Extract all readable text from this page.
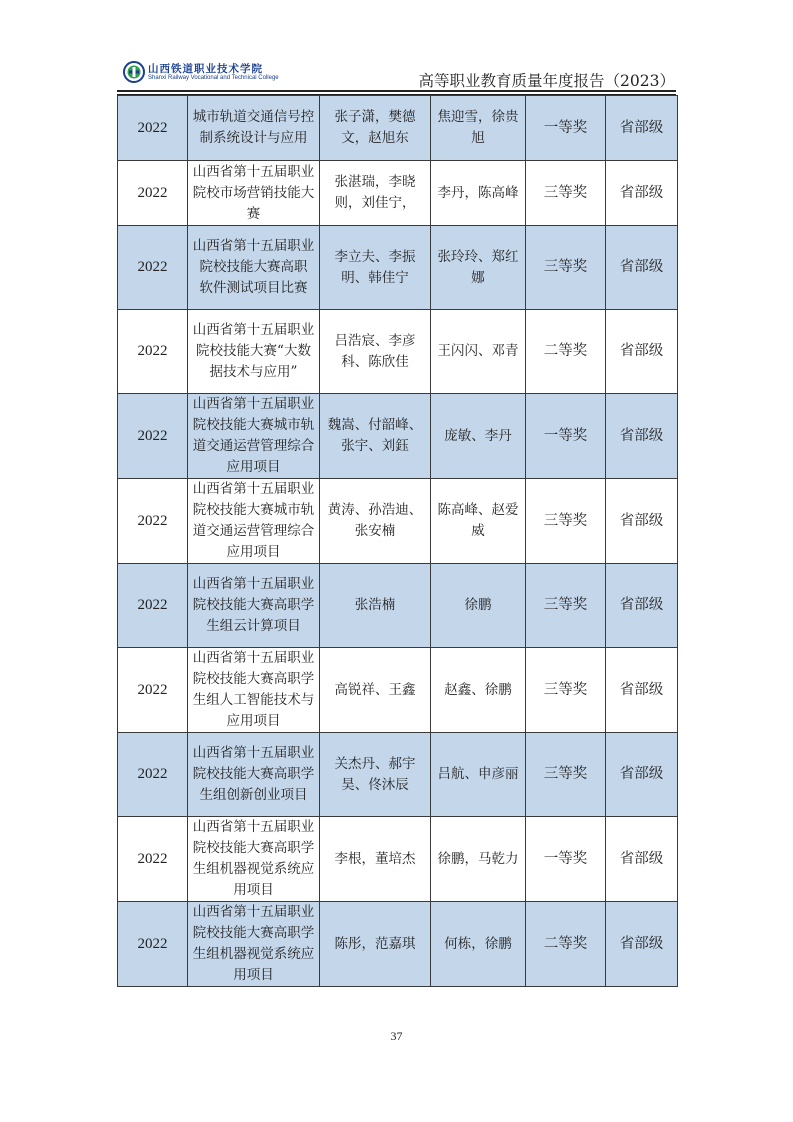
山西铁道职业技术学院
Shanxi Railway Vocational and Technical College	高等职业教育质量年度报告（2023）
2022	城市轨道交通信号控制系统设计与应用	张子潇，樊德文，赵旭东	焦迎雪，徐贵旭	一等奖	省部级
2022	山西省第十五届职业院校市场营销技能大赛	张湛瑞，李晓则，刘佳宁，	李丹，陈高峰	三等奖	省部级
2022	山西省第十五届职业院校技能大赛高职 软件测试项目比赛	李立夫、李振明、韩佳宁	张玲玲、郑红娜	三等奖	省部级
2022	山西省第十五届职业院校技能大赛“大数据技术与应用”	吕浩宸、李彦科、陈欣佳	王闪闪、邓青	二等奖	省部级
2022	山西省第十五届职业院校技能大赛城市轨道交通运营管理综合应用项目	魏嵩、付韶峰、张宇、刘鈺	庞敏、李丹	一等奖	省部级
2022	山西省第十五届职业院校技能大赛城市轨道交通运营管理综合应用项目	黄涛、孙浩迪、张安楠	陈高峰、赵爱威	三等奖	省部级
2022	山西省第十五届职业院校技能大赛高职学生组云计算项目	张浩楠	徐鹏	三等奖	省部级
2022	山西省第十五届职业院校技能大赛高职学生组人工智能技术与应用项目	高锐祥、王鑫	赵鑫、徐鹏	三等奖	省部级
2022	山西省第十五届职业院校技能大赛高职学生组创新创业项目	关杰丹、郝宇昊、佟沐辰	吕航、申彦丽	三等奖	省部级
2022	山西省第十五届职业院校技能大赛高职学生组机器视觉系统应用项目	李根，董培杰	徐鹏，马乾力	一等奖	省部级
2022	山西省第十五届职业院校技能大赛高职学生组机器视觉系统应用项目	陈彤，范嘉琪	何栋，徐鹏	二等奖	省部级
37
